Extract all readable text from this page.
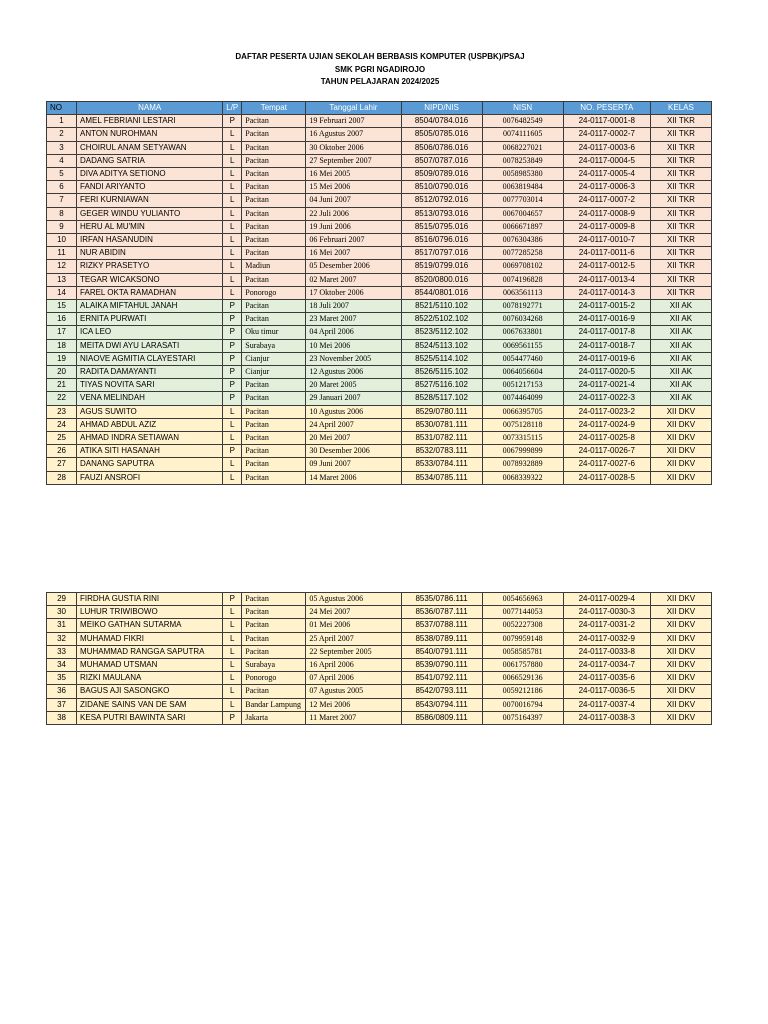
DAFTAR PESERTA UJIAN SEKOLAH BERBASIS KOMPUTER (USPBK)/PSAJ
SMK PGRI NGADIROJO
TAHUN PELAJARAN 2024/2025
NO	NAMA	L/P	Tempat	Tanggal Lahir	NIPD/NIS	NISN	NO. PESERTA	KELAS
1	AMEL FEBRIANI LESTARI	P	Pacitan	19 Februari 2007	8504/0784.016	0076482549	24-0117-0001-8	XII TKR
2	ANTON NUROHMAN	L	Pacitan	16 Agustus 2007	8505/0785.016	0074111605	24-0117-0002-7	XII TKR
3	CHOIRUL ANAM SETYAWAN	L	Pacitan	30 Oktober 2006	8506/0786.016	0068227021	24-0117-0003-6	XII TKR
4	DADANG SATRIA	L	Pacitan	27 September 2007	8507/0787.016	0078253849	24-0117-0004-5	XII TKR
5	DIVA ADITYA SETIONO	L	Pacitan	16 Mei 2005	8509/0789.016	0058985380	24-0117-0005-4	XII TKR
6	FANDI ARIYANTO	L	Pacitan	15 Mei 2006	8510/0790.016	0063819484	24-0117-0006-3	XII TKR
7	FERI KURNIAWAN	L	Pacitan	04 Juni 2007	8512/0792.016	0077703014	24-0117-0007-2	XII TKR
8	GEGER WINDU YULIANTO	L	Pacitan	22 Juli 2006	8513/0793.016	0067004657	24-0117-0008-9	XII TKR
9	HERU AL MU'MIN	L	Pacitan	19 Juni 2006	8515/0795.016	0066671897	24-0117-0009-8	XII TKR
10	IRFAN HASANUDIN	L	Pacitan	06 Februari 2007	8516/0796.016	0076304386	24-0117-0010-7	XII TKR
11	NUR ABIDIN	L	Pacitan	16 Mei 2007	8517/0797.016	0077285258	24-0117-0011-6	XII TKR
12	RIZKY PRASETYO	L	Madiun	05 Desember 2006	8519/0799.016	0069708102	24-0117-0012-5	XII TKR
13	TEGAR WICAKSONO	L	Pacitan	02 Maret 2007	8520/0800.016	0074196828	24-0117-0013-4	XII TKR
14	FAREL OKTA RAMADHAN	L	Ponorogo	17 Oktober 2006	8544/0801.016	0063561113	24-0117-0014-3	XII TKR
15	ALAIKA MIFTAHUL JANAH	P	Pacitan	18 Juli 2007	8521/5110.102	0078192771	24-0117-0015-2	XII AK
16	ERNITA PURWATI	P	Pacitan	23 Maret 2007	8522/5102.102	0076034268	24-0117-0016-9	XII AK
17	ICA LEO	P	Oku timur	04 April 2006	8523/5112.102	0067633801	24-0117-0017-8	XII AK
18	MEITA DWI AYU LARASATI	P	Surabaya	10 Mei 2006	8524/5113.102	0069561155	24-0117-0018-7	XII AK
19	NIAOVE AGMITIA CLAYESTARI	P	Cianjur	23 November 2005	8525/5114.102	0054477460	24-0117-0019-6	XII AK
20	RADITA DAMAYANTI	P	Cianjur	12 Agustus 2006	8526/5115.102	0064056604	24-0117-0020-5	XII AK
21	TIYAS NOVITA SARI	P	Pacitan	20 Maret 2005	8527/5116.102	0051217153	24-0117-0021-4	XII AK
22	VENA MELINDAH	P	Pacitan	29 Januari 2007	8528/5117.102	0074464099	24-0117-0022-3	XII AK
23	AGUS SUWITO	L	Pacitan	10 Agustus 2006	8529/0780.111	0066395705	24-0117-0023-2	XII DKV
24	AHMAD ABDUL AZIZ	L	Pacitan	24 April 2007	8530/0781.111	0075128118	24-0117-0024-9	XII DKV
25	AHMAD INDRA SETIAWAN	L	Pacitan	20 Mei 2007	8531/0782.111	0073315115	24-0117-0025-8	XII DKV
26	ATIKA SITI HASANAH	P	Pacitan	30 Desember 2006	8532/0783.111	0067999899	24-0117-0026-7	XII DKV
27	DANANG SAPUTRA	L	Pacitan	09 Juni 2007	8533/0784.111	0078932889	24-0117-0027-6	XII DKV
28	FAUZI ANSROFI	L	Pacitan	14 Maret 2006	8534/0785.111	0068339322	24-0117-0028-5	XII DKV
29	FIRDHA GUSTIA RINI	P	Pacitan	05 Agustus 2006	8535/0786.111	0054656963	24-0117-0029-4	XII DKV
30	LUHUR TRIWIBOWO	L	Pacitan	24 Mei 2007	8536/0787.111	0077144053	24-0117-0030-3	XII DKV
31	MEIKO GATHAN SUTARMA	L	Pacitan	01 Mei 2006	8537/0788.111	0052227308	24-0117-0031-2	XII DKV
32	MUHAMAD FIKRI	L	Pacitan	25 April 2007	8538/0789.111	0079959148	24-0117-0032-9	XII DKV
33	MUHAMMAD RANGGA SAPUTRA	L	Pacitan	22 September 2005	8540/0791.111	0058585781	24-0117-0033-8	XII DKV
34	MUHAMAD UTSMAN	L	Surabaya	16 April 2006	8539/0790.111	0061757880	24-0117-0034-7	XII DKV
35	RIZKI MAULANA	L	Ponorogo	07 April 2006	8541/0792.111	0066529136	24-0117-0035-6	XII DKV
36	BAGUS AJI SASONGKO	L	Pacitan	07 Agustus 2005	8542/0793.111	0059212186	24-0117-0036-5	XII DKV
37	ZIDANE SAINS VAN DE SAM	L	Bandar Lampung	12 Mei 2006	8543/0794.111	0070016794	24-0117-0037-4	XII DKV
38	KESA PUTRI BAWINTA SARI	P	Jakarta	11 Maret 2007	8586/0809.111	0075164397	24-0117-0038-3	XII DKV
